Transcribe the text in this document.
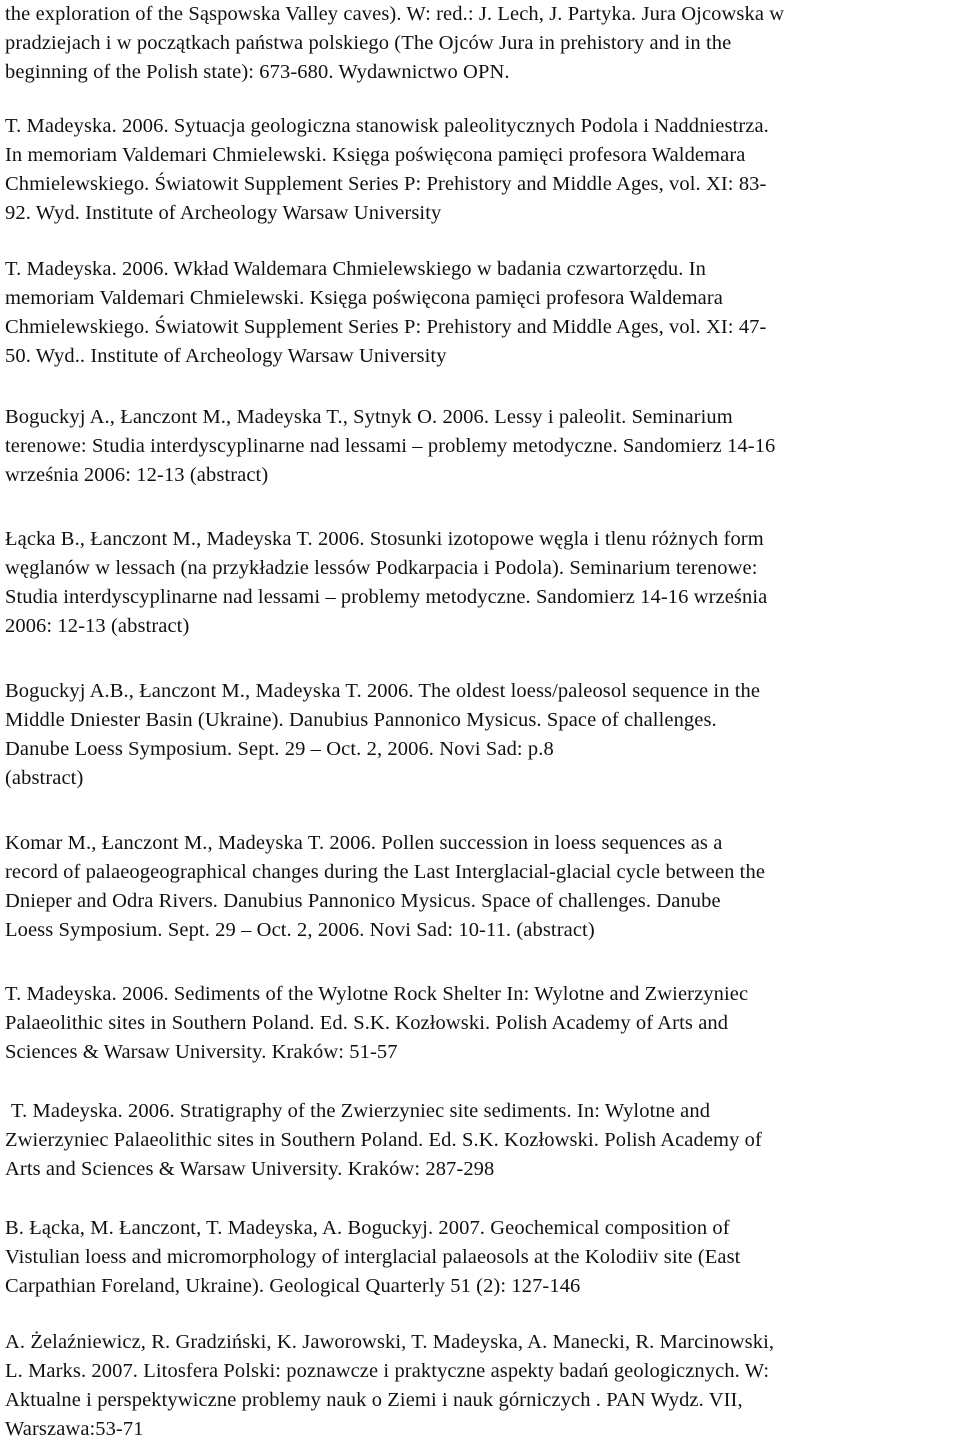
the exploration of the Sąspowska Valley caves). W: red.: J. Lech, J. Partyka. Jura Ojcowska w
pradziejach i w początkach państwa polskiego (The Ojców Jura in prehistory and in the
beginning of the Polish state): 673-680. Wydawnictwo OPN.
T. Madeyska. 2006. Sytuacja geologiczna stanowisk paleolitycznych Podola i Naddniestrza.
In memoriam Valdemari Chmielewski. Księga poświęcona pamięci profesora Waldemara
Chmielewskiego. Światowit Supplement Series P: Prehistory and Middle Ages, vol. XI: 83-
92. Wyd. Institute of Archeology Warsaw University
T. Madeyska. 2006. Wkład Waldemara Chmielewskiego w badania czwartorzędu. In
memoriam Valdemari Chmielewski. Księga poświęcona pamięci profesora Waldemara
Chmielewskiego. Światowit Supplement Series P: Prehistory and Middle Ages, vol. XI: 47-
50. Wyd.. Institute of Archeology Warsaw University
Boguckyj A., Łanczont M., Madeyska T., Sytnyk O. 2006. Lessy i paleolit. Seminarium
terenowe: Studia interdyscyplinarne nad lessami – problemy metodyczne. Sandomierz 14-16
września 2006: 12-13 (abstract)
Łącka B., Łanczont M., Madeyska T. 2006. Stosunki izotopowe węgla i tlenu różnych form
węglanów w lessach (na przykładzie lessów Podkarpacia i Podola). Seminarium terenowe:
Studia interdyscyplinarne nad lessami – problemy metodyczne. Sandomierz 14-16 września
2006: 12-13 (abstract)
Boguckyj A.B., Łanczont M., Madeyska T. 2006. The oldest loess/paleosol sequence in the
Middle Dniester Basin (Ukraine). Danubius Pannonico Mysicus. Space of challenges.
Danube Loess Symposium. Sept. 29 – Oct. 2, 2006. Novi Sad: p.8
(abstract)
Komar M., Łanczont M., Madeyska T. 2006. Pollen succession in loess sequences as a
record of palaeogeographical changes during the Last Interglacial-glacial cycle between the
Dnieper and Odra Rivers. Danubius Pannonico Mysicus. Space of challenges. Danube
Loess Symposium. Sept. 29 – Oct. 2, 2006. Novi Sad: 10-11. (abstract)
T. Madeyska. 2006. Sediments of the Wylotne Rock Shelter In: Wylotne and Zwierzyniec
Palaeolithic sites in Southern Poland. Ed. S.K. Kozłowski. Polish Academy of Arts and
Sciences & Warsaw University. Kraków: 51-57
T. Madeyska. 2006. Stratigraphy of the Zwierzyniec site sediments. In: Wylotne and
Zwierzyniec Palaeolithic sites in Southern Poland. Ed. S.K. Kozłowski. Polish Academy of
Arts and Sciences & Warsaw University. Kraków: 287-298
B. Łącka, M. Łanczont, T. Madeyska, A. Boguckyj. 2007. Geochemical composition of
Vistulian loess and micromorphology of interglacial palaeosols at the Kolodiiv site (East
Carpathian Foreland, Ukraine). Geological Quarterly 51 (2): 127-146
A. Żelaźniewicz, R. Gradziński, K. Jaworowski, T. Madeyska, A. Manecki, R. Marcinowski,
L. Marks. 2007. Litosfera Polski: poznawcze i praktyczne aspekty badań geologicznych. W:
Aktualne i perspektywiczne problemy nauk o Ziemi i nauk górniczych . PAN Wydz. VII,
Warszawa:53-71
